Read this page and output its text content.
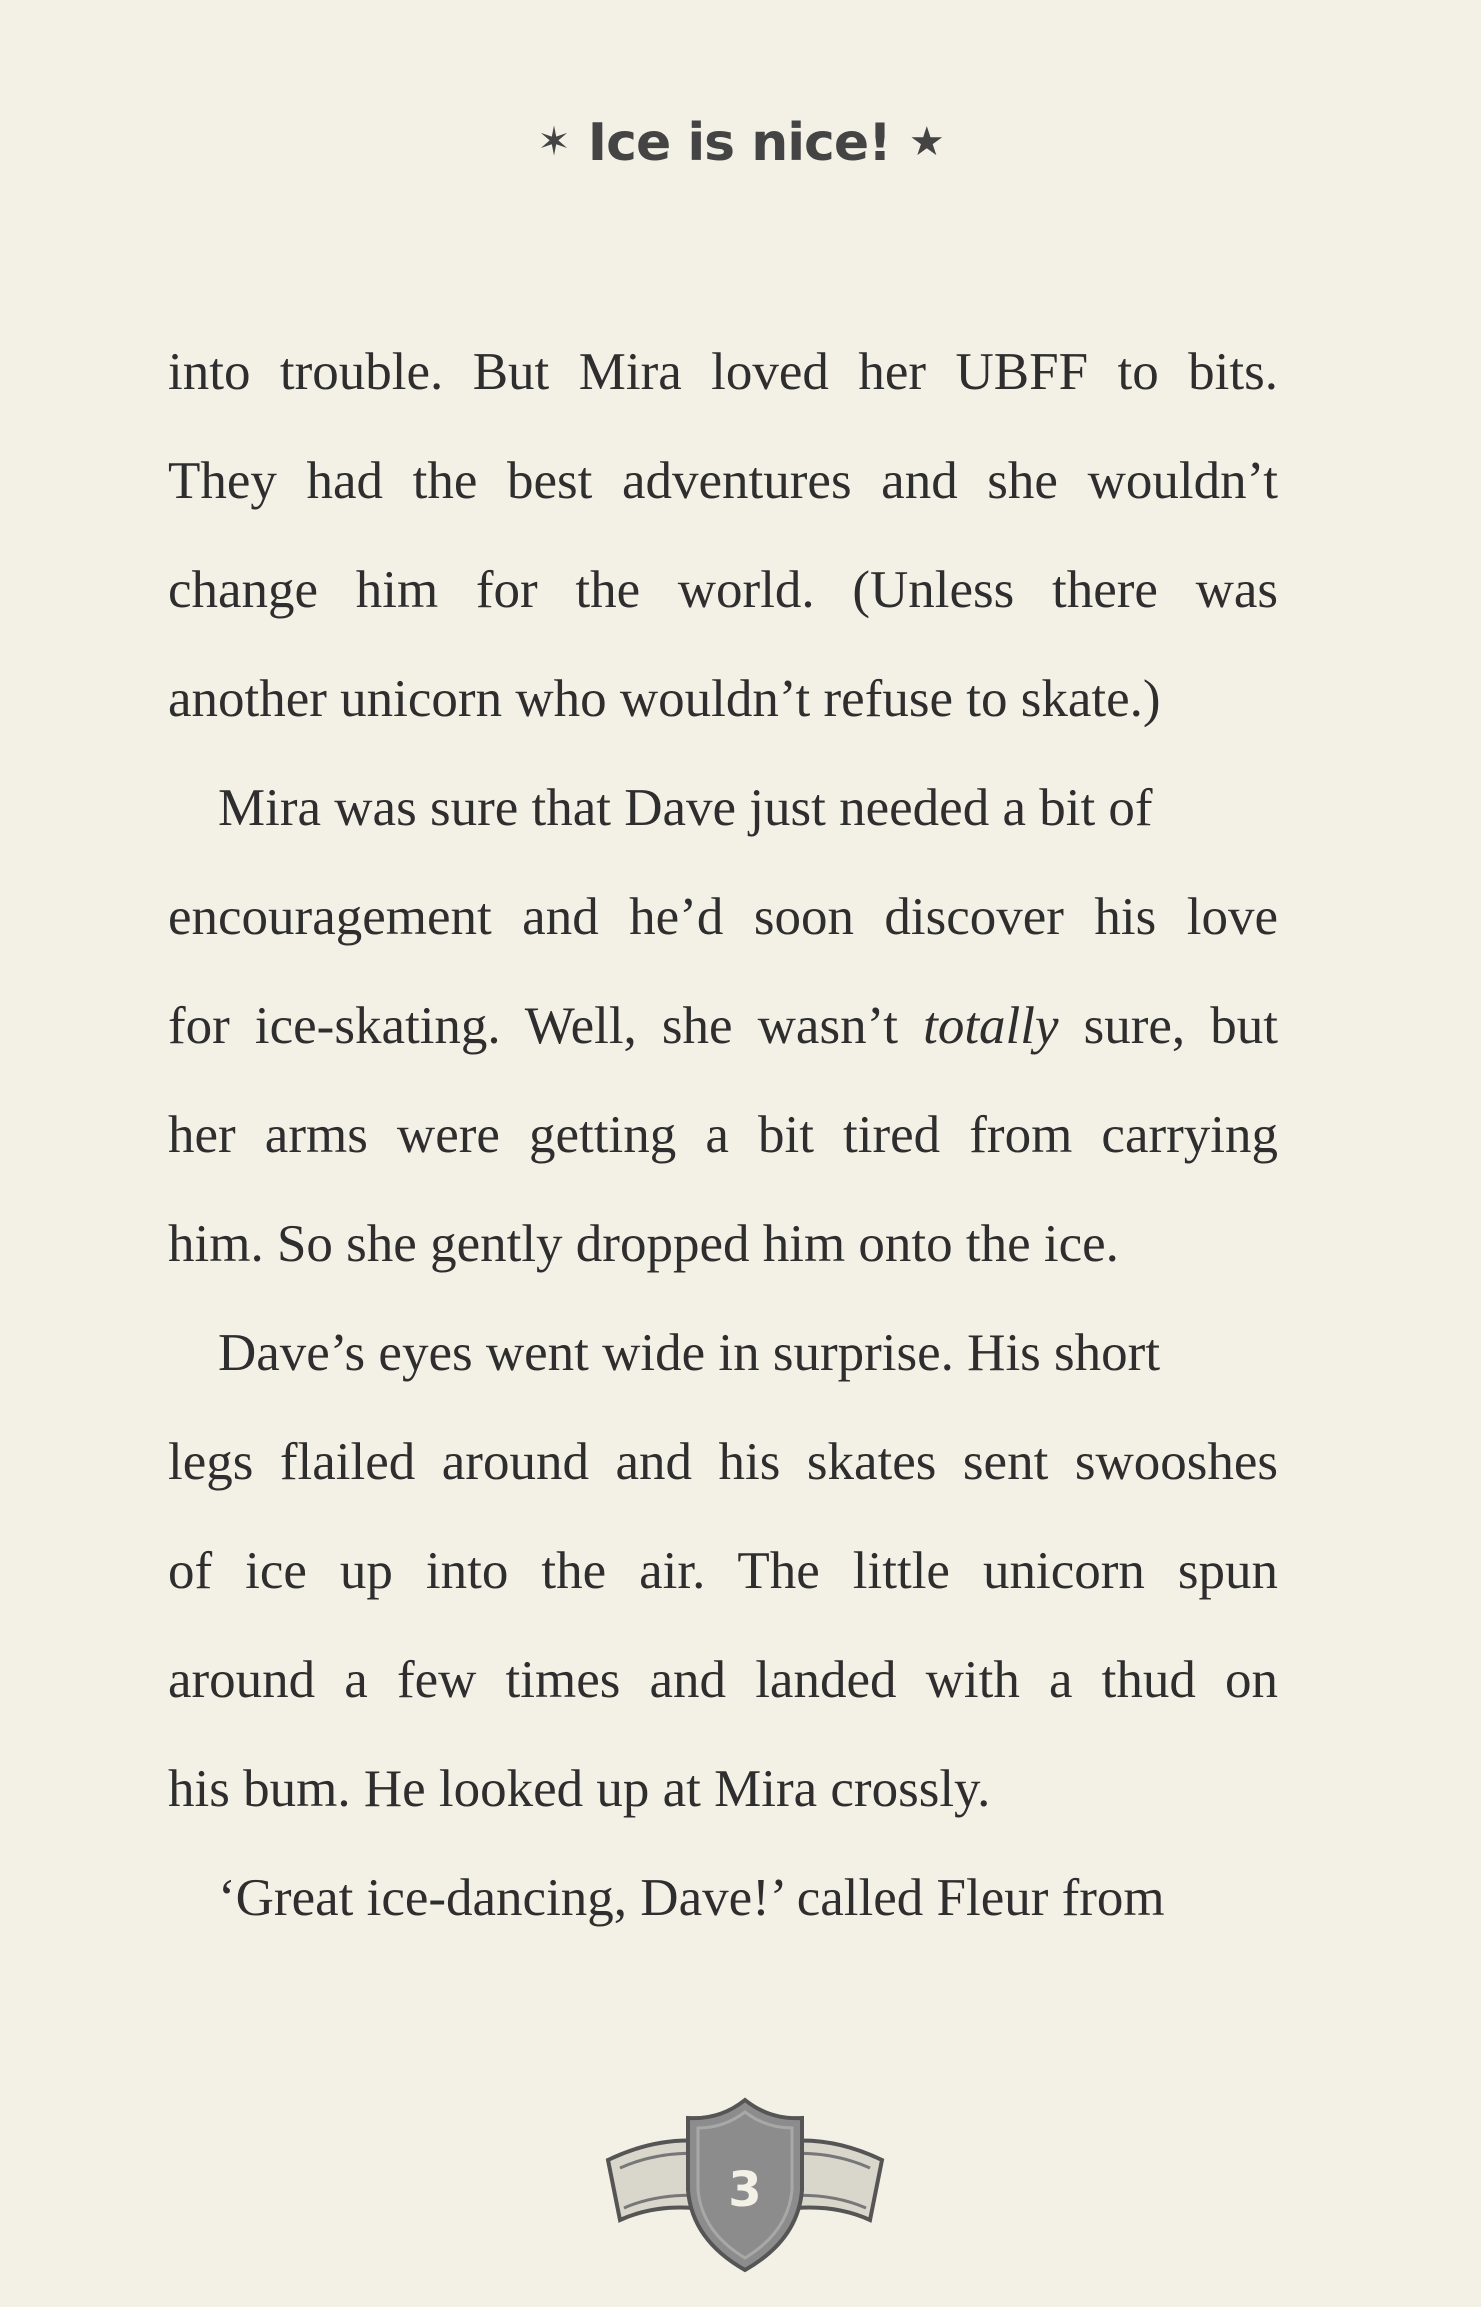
✶ Ice is nice! ★

into trouble. But Mira loved her UBFF to bits.

They had the best adventures and she wouldn’t

change him for the world. (Unless there was

another unicorn who wouldn’t refuse to skate.)

Mira was sure that Dave just needed a bit of

encouragement and he’d soon discover his love

for ice-skating. Well, she wasn’t totally sure, but

her arms were getting a bit tired from carrying

him. So she gently dropped him onto the ice.

Dave’s eyes went wide in surprise. His short

legs flailed around and his skates sent swooshes

of ice up into the air. The little unicorn spun

around a few times and landed with a thud on

his bum. He looked up at Mira crossly.

‘Great ice-dancing, Dave!’ called Fleur from

3
